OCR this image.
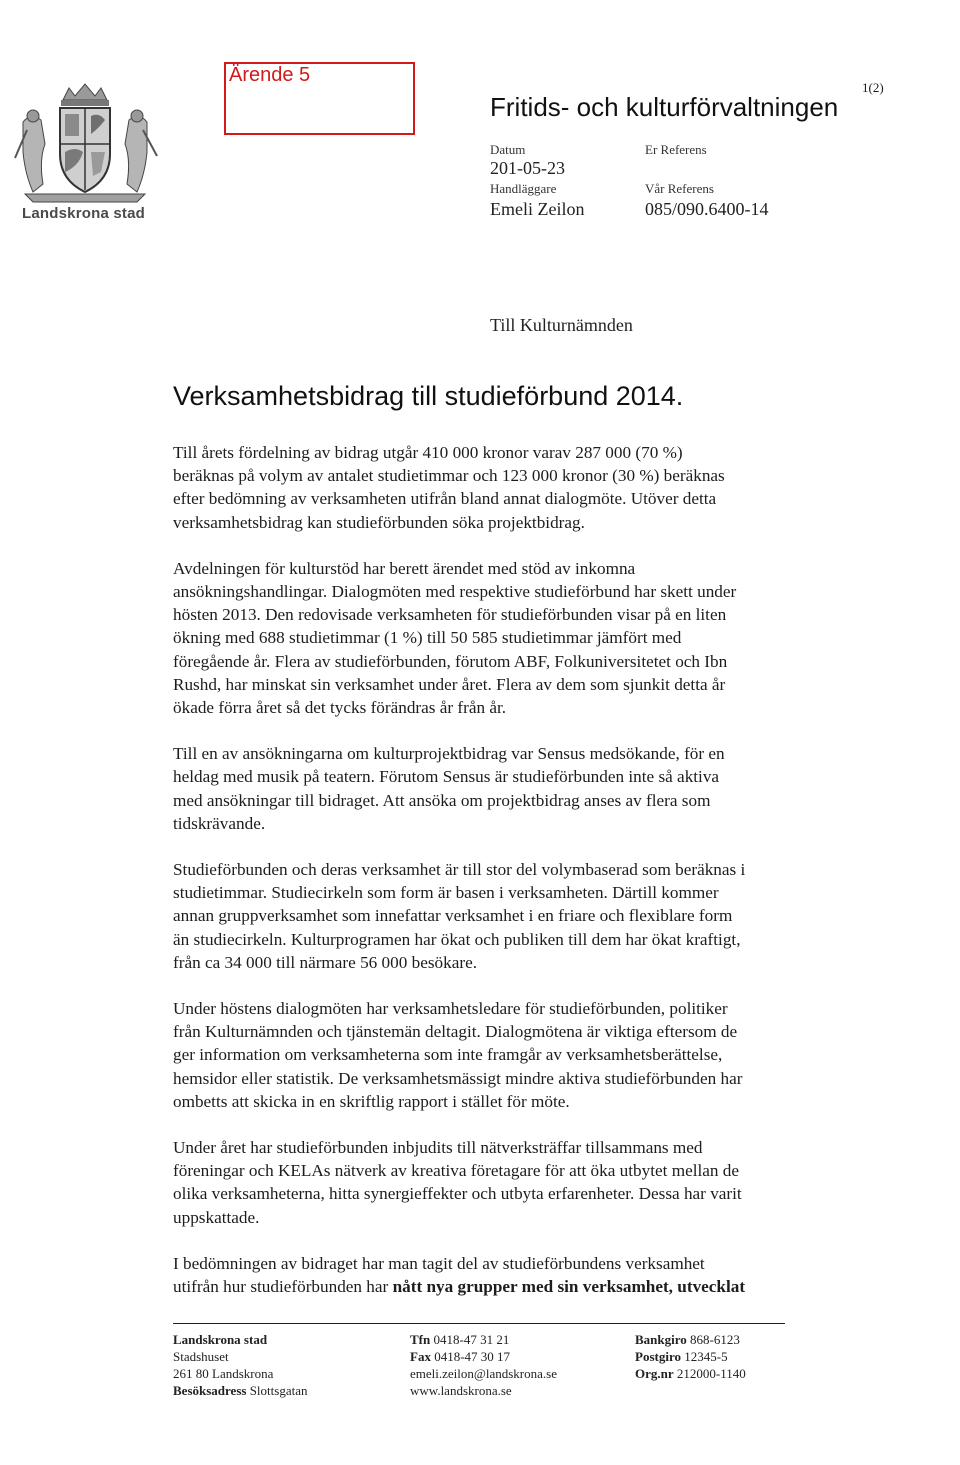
Landskrona stad
Ärende 5
1(2)
Fritids- och kulturförvaltningen
Datum
201-05-23
Handläggare
Emeli Zeilon
Er Referens
Vår Referens
085/090.6400-14
Till Kulturnämnden
Verksamhetsbidrag till studieförbund 2014.

Till årets fördelning av bidrag utgår 410 000 kronor varav 287 000 (70 %)
beräknas på volym av antalet studietimmar och 123 000 kronor (30 %) beräknas
efter bedömning av verksamheten utifrån bland annat dialogmöte. Utöver detta
verksamhetsbidrag kan studieförbunden söka projektbidrag.

Avdelningen för kulturstöd har berett ärendet med stöd av inkomna
ansökningshandlingar. Dialogmöten med respektive studieförbund har skett under
hösten 2013. Den redovisade verksamheten för studieförbunden visar på en liten
ökning med 688 studietimmar (1 %) till 50 585 studietimmar jämfört med
föregående år. Flera av studieförbunden, förutom ABF, Folkuniversitetet och Ibn
Rushd, har minskat sin verksamhet under året. Flera av dem som sjunkit detta år
ökade förra året så det tycks förändras år från år.

Till en av ansökningarna om kulturprojektbidrag var Sensus medsökande, för en
heldag med musik på teatern. Förutom Sensus är studieförbunden inte så aktiva
med ansökningar till bidraget. Att ansöka om projektbidrag anses av flera som
tidskrävande.

Studieförbunden och deras verksamhet är till stor del volymbaserad som beräknas i
studietimmar. Studiecirkeln som form är basen i verksamheten. Därtill kommer
annan gruppverksamhet som innefattar verksamhet i en friare och flexiblare form
än studiecirkeln. Kulturprogramen har ökat och publiken till dem har ökat kraftigt,
från ca 34 000 till närmare 56 000 besökare.

Under höstens dialogmöten har verksamhetsledare för studieförbunden, politiker
från Kulturnämnden och tjänstemän deltagit. Dialogmötena är viktiga eftersom de
ger information om verksamheterna som inte framgår av verksamhetsberättelse,
hemsidor eller statistik. De verksamhetsmässigt mindre aktiva studieförbunden har
ombetts att skicka in en skriftlig rapport i stället för möte.

Under året har studieförbunden inbjudits till nätverksträffar tillsammans med
föreningar och KELAs nätverk av kreativa företagare för att öka utbytet mellan de
olika verksamheterna, hitta synergieffekter och utbyta erfarenheter. Dessa har varit
uppskattade.

I bedömningen av bidraget har man tagit del av studieförbundens verksamhet
utifrån hur studieförbunden har nått nya grupper med sin verksamhet, utvecklat

Landskrona stad
Stadshuset
261 80 Landskrona
Besöksadress Slottsgatan
Tfn 0418-47 31 21
Fax 0418-47 30 17
emeli.zeilon@landskrona.se
www.landskrona.se
Bankgiro 868-6123
Postgiro 12345-5
Org.nr 212000-1140
